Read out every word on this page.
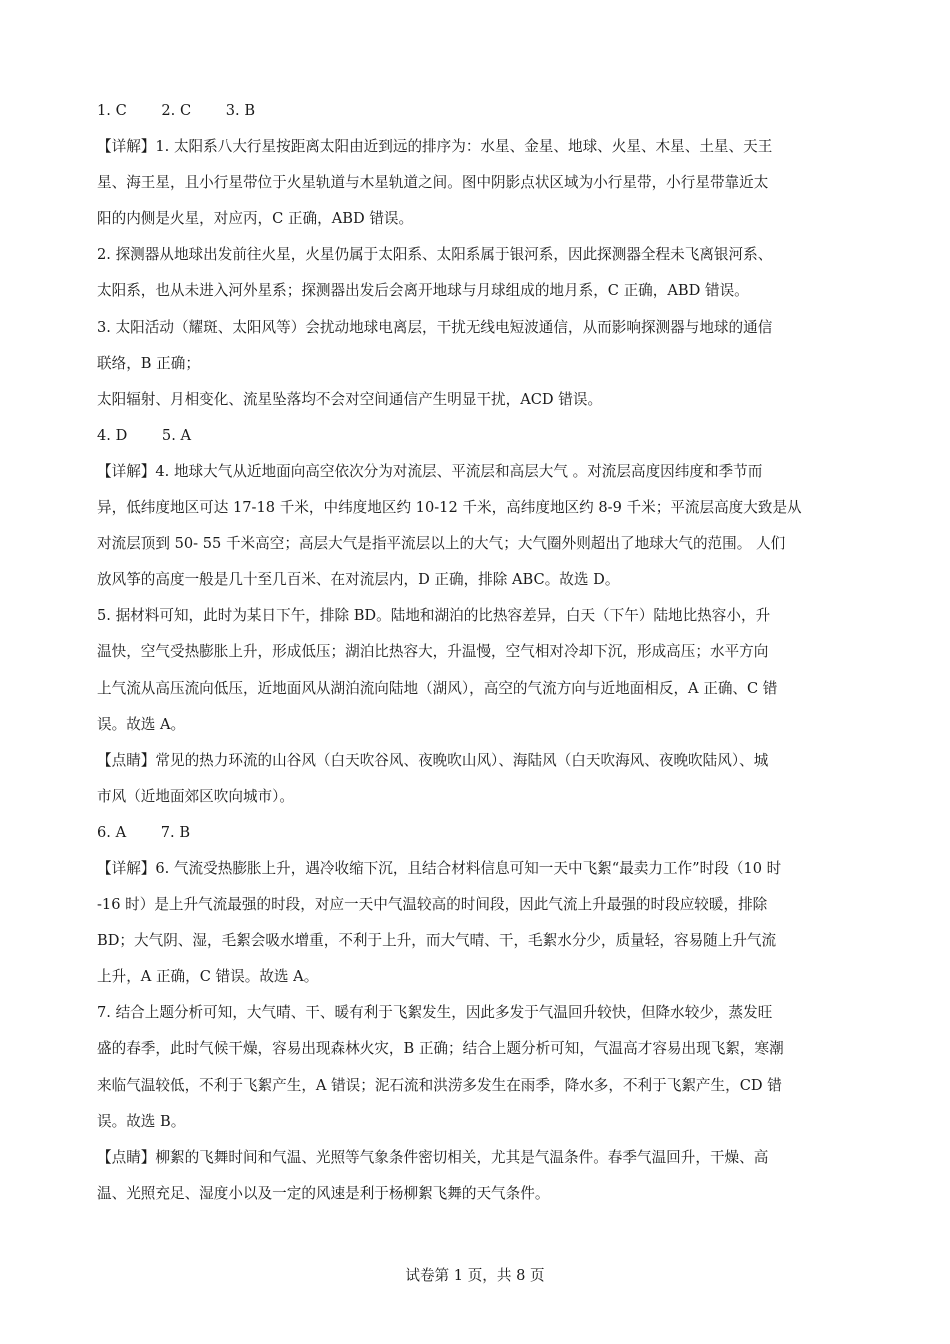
1. C 2. C 3. B
【详解】1. 太阳系八大行星按距离太阳由近到远的排序为：水星、金星、地球、火星、木星、土星、天王
星、海王星，且小行星带位于火星轨道与木星轨道之间。图中阴影点状区域为小行星带，小行星带靠近太
阳的内侧是火星，对应丙，C 正确，ABD 错误。
2. 探测器从地球出发前往火星，火星仍属于太阳系、太阳系属于银河系，因此探测器全程未飞离银河系、
太阳系，也从未进入河外星系；探测器出发后会离开地球与月球组成的地月系，C 正确，ABD 错误。
3. 太阳活动（耀斑、太阳风等）会扰动地球电离层，干扰无线电短波通信，从而影响探测器与地球的通信
联络，B 正确；
太阳辐射、月相变化、流星坠落均不会对空间通信产生明显干扰，ACD 错误。
4. D 5. A
【详解】4. 地球大气从近地面向高空依次分为对流层、平流层和高层大气 。对流层高度因纬度和季节而
异，低纬度地区可达 17-18 千米，中纬度地区约 10-12 千米，高纬度地区约 8-9 千米；平流层高度大致是从
对流层顶到 50- 55 千米高空；高层大气是指平流层以上的大气；大气圈外则超出了地球大气的范围。 人们
放风筝的高度一般是几十至几百米、在对流层内，D 正确，排除 ABC。故选 D。
5. 据材料可知，此时为某日下午，排除 BD。陆地和湖泊的比热容差异，白天（下午）陆地比热容小，升
温快，空气受热膨胀上升，形成低压；湖泊比热容大，升温慢，空气相对冷却下沉，形成高压；水平方向
上气流从高压流向低压，近地面风从湖泊流向陆地（湖风），高空的气流方向与近地面相反，A 正确、C 错
误。故选 A。
【点睛】常见的热力环流的山谷风（白天吹谷风、夜晚吹山风）、海陆风（白天吹海风、夜晚吹陆风）、城
市风（近地面郊区吹向城市）。
6. A 7. B
【详解】6. 气流受热膨胀上升，遇冷收缩下沉，且结合材料信息可知一天中飞絮“最卖力工作”时段（10 时
-16 时）是上升气流最强的时段，对应一天中气温较高的时间段，因此气流上升最强的时段应较暖，排除
BD；大气阴、湿，毛絮会吸水增重，不利于上升，而大气晴、干，毛絮水分少，质量轻，容易随上升气流
上升，A 正确，C 错误。故选 A。
7. 结合上题分析可知，大气晴、干、暖有利于飞絮发生，因此多发于气温回升较快，但降水较少，蒸发旺
盛的春季，此时气候干燥，容易出现森林火灾，B 正确；结合上题分析可知，气温高才容易出现飞絮，寒潮
来临气温较低，不利于飞絮产生，A 错误；泥石流和洪涝多发生在雨季，降水多，不利于飞絮产生，CD 错
误。故选 B。
【点睛】柳絮的飞舞时间和气温、光照等气象条件密切相关，尤其是气温条件。春季气温回升，干燥、高
温、光照充足、湿度小以及一定的风速是利于杨柳絮飞舞的天气条件。
试卷第 1 页，共 8 页
